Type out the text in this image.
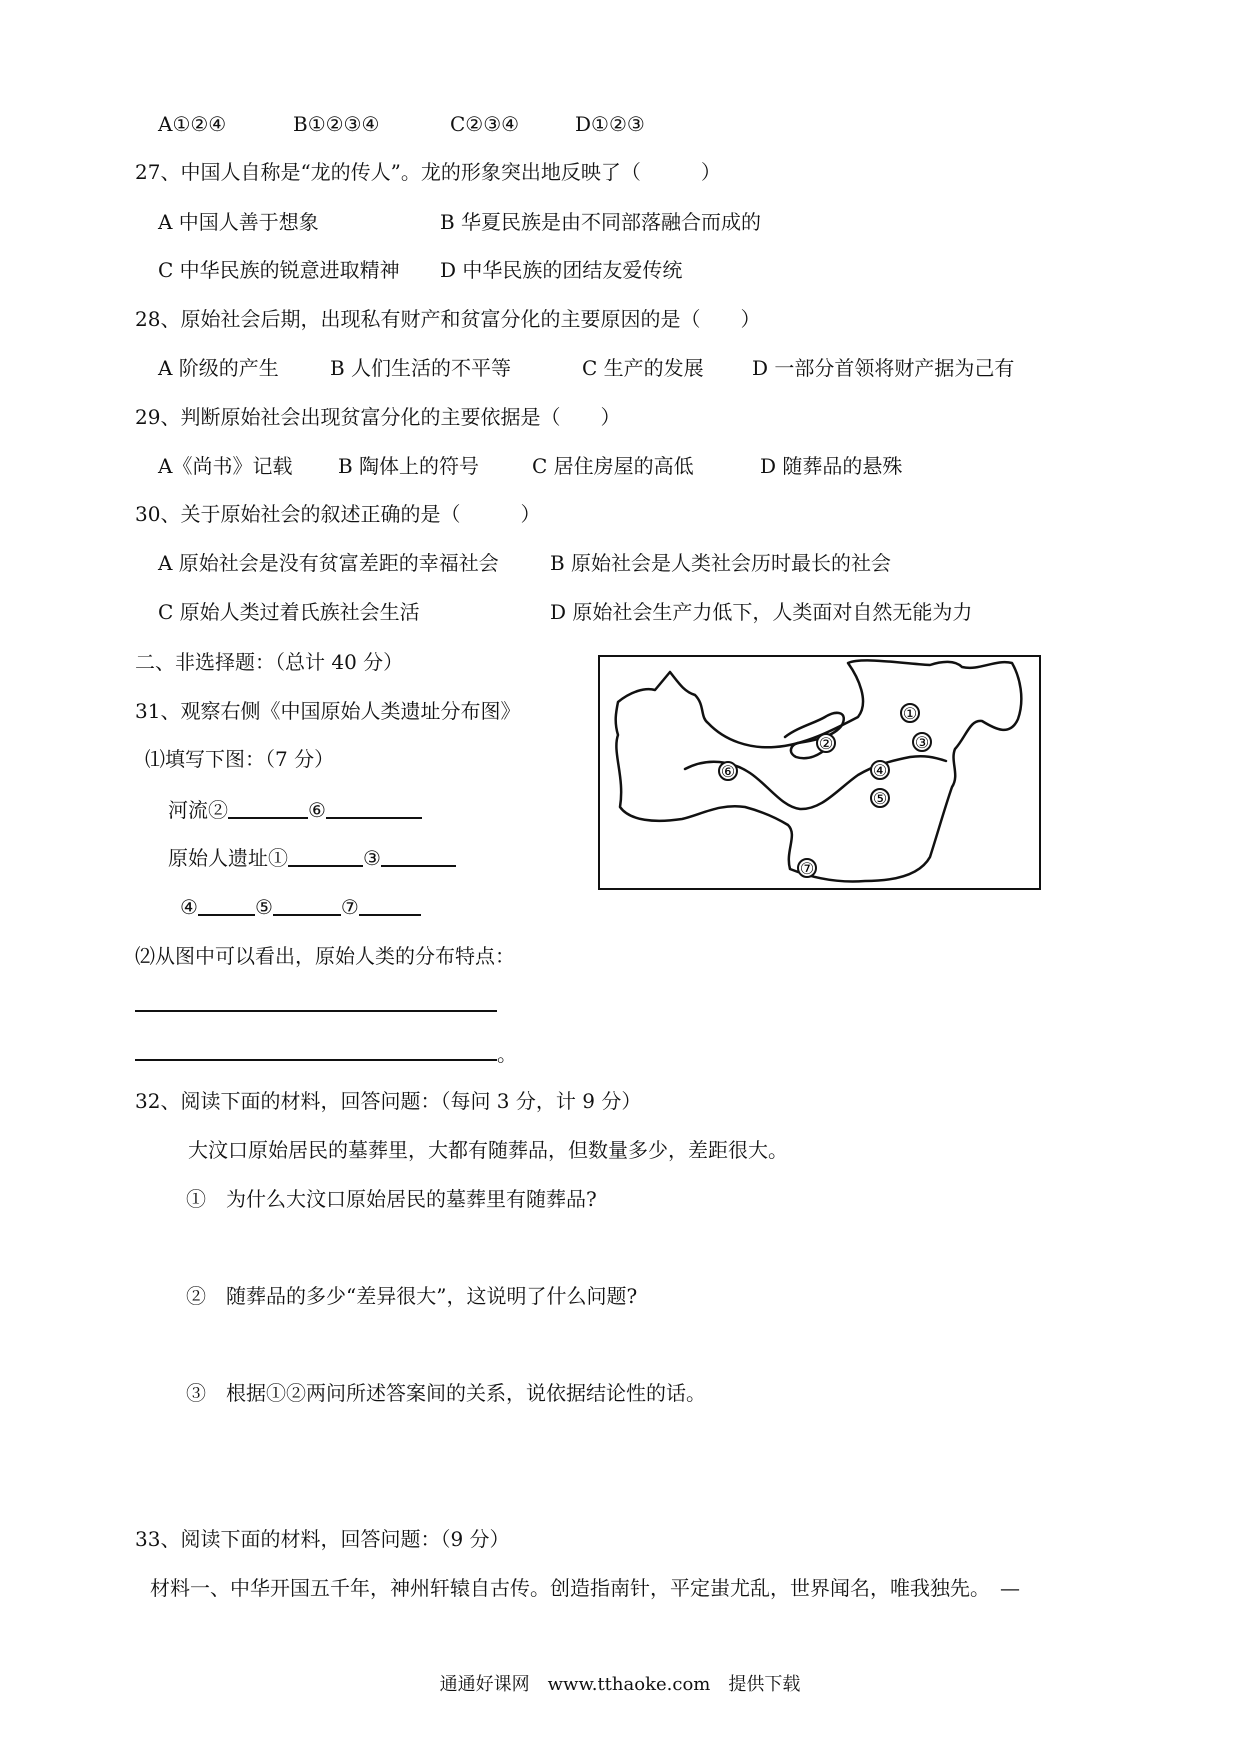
A①②④	B①②③④	C②③④	D①②③
27、中国人自称是“龙的传人”。龙的形象突出地反映了（　　　）
A 中国人善于想象	B 华夏民族是由不同部落融合而成的
C 中华民族的锐意进取精神 D 中华民族的团结友爱传统
28、原始社会后期，出现私有财产和贫富分化的主要原因的是（　　）
A 阶级的产生	B 人们生活的不平等	C 生产的发展 D 一部分首领将财产据为己有
29、判断原始社会出现贫富分化的主要依据是（　　）
A《尚书》记载 B 陶体上的符号	C 居住房屋的高低	D 随葬品的悬殊
30、关于原始社会的叙述正确的是（　　　）
A 原始社会是没有贫富差距的幸福社会	B 原始社会是人类社会历时最长的社会
C 原始人类过着氏族社会生活	D 原始社会生产力低下，人类面对自然无能为力
二、非选择题：（总计 40 分）
31、观察右侧《中国原始人类遗址分布图》
⑴填写下图：（7 分）
河流②	⑥
原始人遗址①	③
④	⑤	⑦
⑵从图中可以看出，原始人类的分布特点：
。
①
②	③
④
⑤
⑥
⑦
32、阅读下面的材料，回答问题：（每问 3 分，计 9 分）
大汶口原始居民的墓葬里，大都有随葬品，但数量多少，差距很大。
①　为什么大汶口原始居民的墓葬里有随葬品?
②　随葬品的多少“差异很大”，这说明了什么问题?
③　根据①②两问所述答案间的关系，说依据结论性的话。
33、阅读下面的材料，回答问题：（9 分）
材料一、中华开国五千年，神州轩辕自古传。创造指南针，平定蚩尤乱，世界闻名，唯我独先。　—
通通好课网　www.tthaoke.com　提供下载
